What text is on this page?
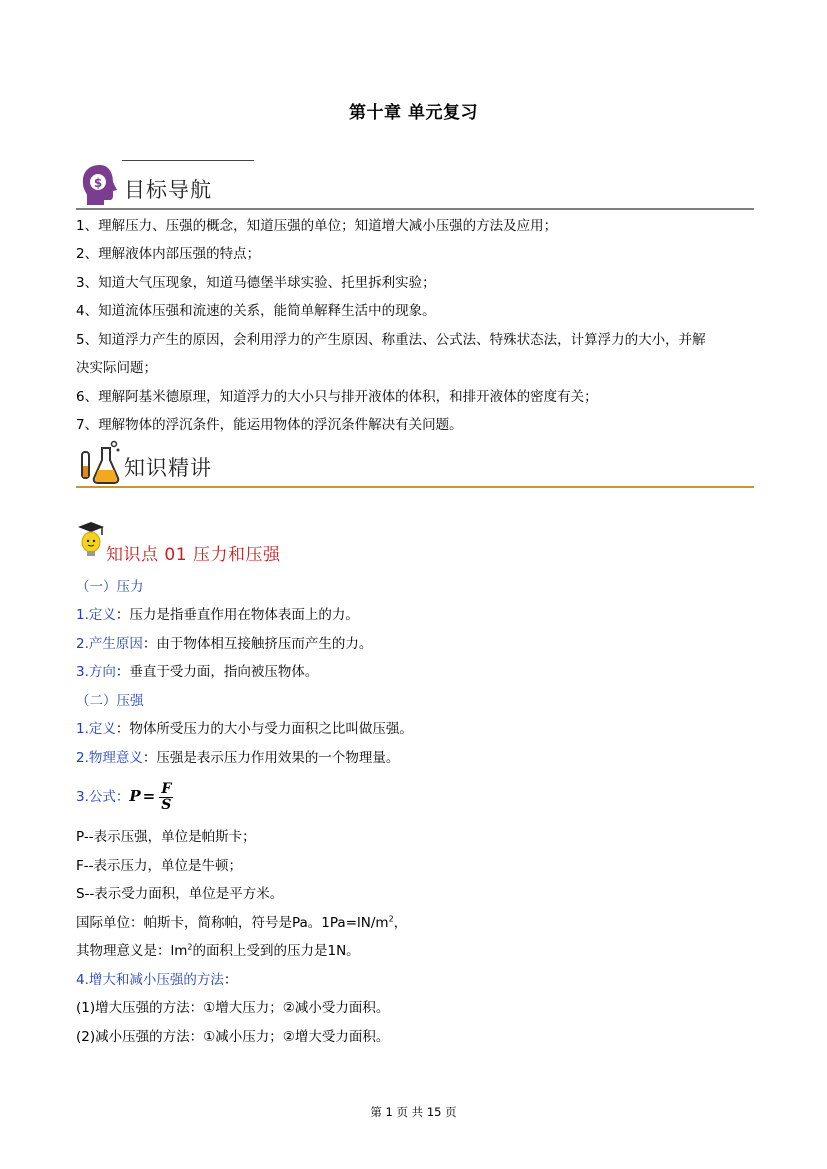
第十章 单元复习
$ 目标导航
1、理解压力、压强的概念，知道压强的单位；知道增大减小压强的方法及应用；
2、理解液体内部压强的特点；
3、知道大气压现象，知道马德堡半球实验、托里拆利实验；
4、知道流体压强和流速的关系，能简单解释生活中的现象。
5、知道浮力产生的原因，会利用浮力的产生原因、称重法、公式法、特殊状态法，计算浮力的大小，并解
决实际问题；
6、理解阿基米德原理，知道浮力的大小只与排开液体的体积，和排开液体的密度有关；
7、理解物体的浮沉条件，能运用物体的浮沉条件解决有关问题。
知识精讲
知识点 01 压力和压强
（一）压力
1.定义：压力是指垂直作用在物体表面上的力。
2.产生原因：由于物体相互接触挤压而产生的力。
3.方向：垂直于受力面，指向被压物体。
（二）压强
1.定义：物体所受压力的大小与受力面积之比叫做压强。
2.物理意义：压强是表示压力作用效果的一个物理量。
3.公式：$P = \frac{F}{S}$
P--表示压强，单位是帕斯卡；
F--表示压力，单位是牛顿；
S--表示受力面积，单位是平方米。
国际单位：帕斯卡，简称帕，符号是Pa。$1Pa=lN/m^2$，
其物理意义是：$lm^2$的面积上受到的压力是1N。
4.增大和减小压强的方法：
(1)增大压强的方法：①增大压力；②减小受力面积。
(2)减小压强的方法：①减小压力；②增大受力面积。
第 1 页 共 15 页
